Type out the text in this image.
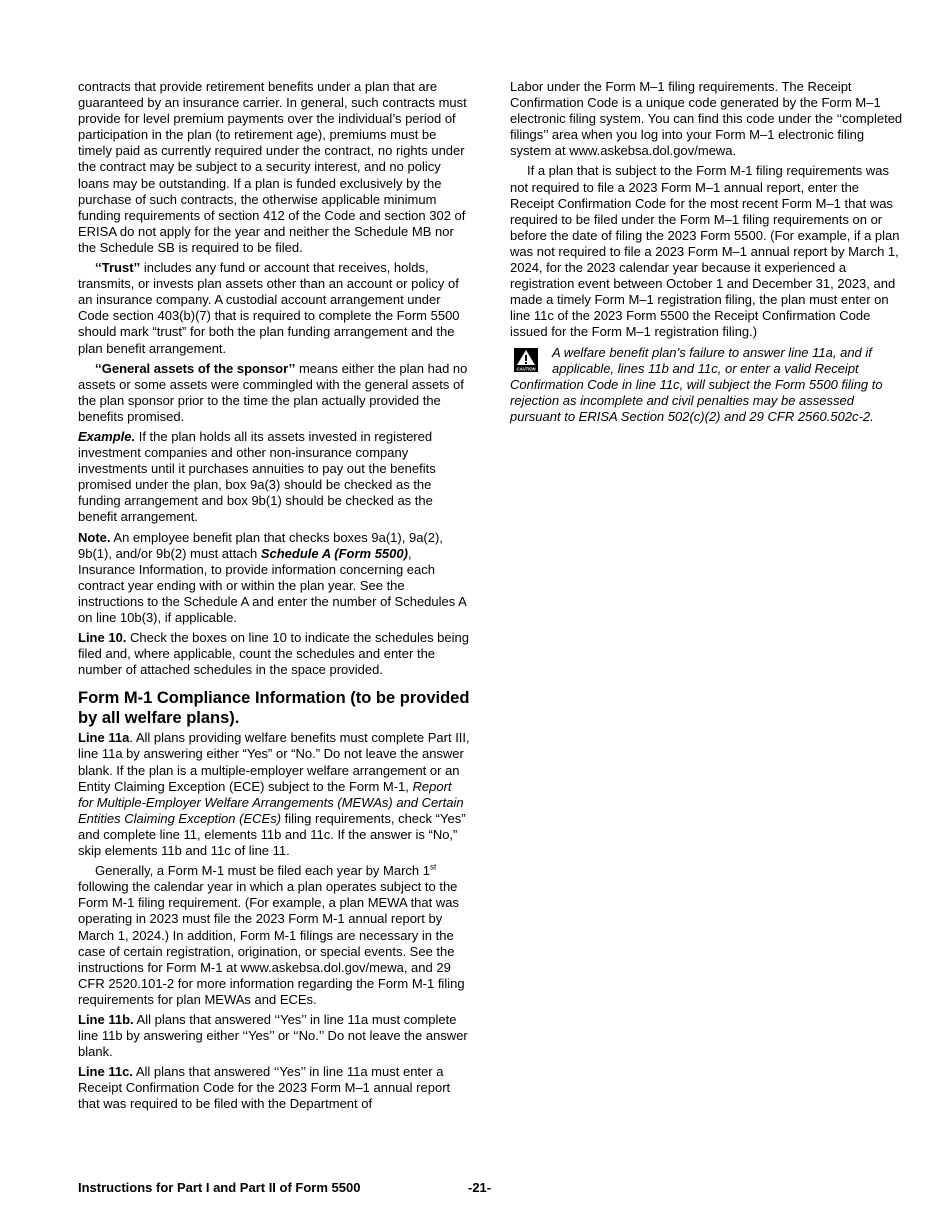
contracts that provide retirement benefits under a plan that are guaranteed by an insurance carrier. In general, such contracts must provide for level premium payments over the individual’s period of participation in the plan (to retirement age), premiums must be timely paid as currently required under the contract, no rights under the contract may be subject to a security interest, and no policy loans may be outstanding. If a plan is funded exclusively by the purchase of such contracts, the otherwise applicable minimum funding requirements of section 412 of the Code and section 302 of ERISA do not apply for the year and neither the Schedule MB nor the Schedule SB is required to be filed.

‘‘Trust’’ includes any fund or account that receives, holds, transmits, or invests plan assets other than an account or policy of an insurance company. A custodial account arrangement under Code section 403(b)(7) that is required to complete the Form 5500 should mark “trust” for both the plan funding arrangement and the plan benefit arrangement.

‘‘General assets of the sponsor’’ means either the plan had no assets or some assets were commingled with the general assets of the plan sponsor prior to the time the plan actually provided the benefits promised.

Example. If the plan holds all its assets invested in registered investment companies and other non-insurance company investments until it purchases annuities to pay out the benefits promised under the plan, box 9a(3) should be checked as the funding arrangement and box 9b(1) should be checked as the benefit arrangement.

Note. An employee benefit plan that checks boxes 9a(1), 9a(2), 9b(1), and/or 9b(2) must attach Schedule A (Form 5500), Insurance Information, to provide information concerning each contract year ending with or within the plan year. See the instructions to the Schedule A and enter the number of Schedules A on line 10b(3), if applicable.

Line 10. Check the boxes on line 10 to indicate the schedules being filed and, where applicable, count the schedules and enter the number of attached schedules in the space provided.

Form M-1 Compliance Information (to be provided by all welfare plans).

Line 11a. All plans providing welfare benefits must complete Part III, line 11a by answering either “Yes” or “No.” Do not leave the answer blank. If the plan is a multiple-employer welfare arrangement or an Entity Claiming Exception (ECE) subject to the Form M-1, Report for Multiple-Employer Welfare Arrangements (MEWAs) and Certain Entities Claiming Exception (ECEs) filing requirements, check “Yes” and complete line 11, elements 11b and 11c. If the answer is “No,” skip elements 11b and 11c of line 11.

Generally, a Form M-1 must be filed each year by March 1st following the calendar year in which a plan operates subject to the Form M-1 filing requirement. (For example, a plan MEWA that was operating in 2023 must file the 2023 Form M-1 annual report by March 1, 2024.) In addition, Form M-1 filings are necessary in the case of certain registration, origination, or special events. See the instructions for Form M-1 at www.askebsa.dol.gov/mewa, and 29 CFR 2520.101-2 for more information regarding the Form M-1 filing requirements for plan MEWAs and ECEs.

Line 11b. All plans that answered ‘‘Yes’’ in line 11a must complete line 11b by answering either ‘‘Yes’’ or ‘‘No.’’ Do not leave the answer blank.

Line 11c. All plans that answered ‘‘Yes’’ in line 11a must enter a Receipt Confirmation Code for the 2023 Form M–1 annual report that was required to be filed with the Department of

Labor under the Form M–1 filing requirements. The Receipt Confirmation Code is a unique code generated by the Form M–1 electronic filing system. You can find this code under the ‘‘completed filings’’ area when you log into your Form M–1 electronic filing system at www.askebsa.dol.gov/mewa.

If a plan that is subject to the Form M-1 filing requirements was not required to file a 2023 Form M–1 annual report, enter the Receipt Confirmation Code for the most recent Form M–1 that was required to be filed under the Form M–1 filing requirements on or before the date of filing the 2023 Form 5500. (For example, if a plan was not required to file a 2023 Form M–1 annual report by March 1, 2024, for the 2023 calendar year because it experienced a registration event between October 1 and December 31, 2023, and made a timely Form M–1 registration filing, the plan must enter on line 11c of the 2023 Form 5500 the Receipt Confirmation Code issued for the Form M–1 registration filing.)

CAUTION
A welfare benefit plan’s failure to answer line 11a, and if applicable, lines 11b and 11c, or enter a valid Receipt Confirmation Code in line 11c, will subject the Form 5500 filing to rejection as incomplete and civil penalties may be assessed pursuant to ERISA Section 502(c)(2) and 29 CFR 2560.502c-2.

Instructions for Part I and Part II of Form 5500	-21-
